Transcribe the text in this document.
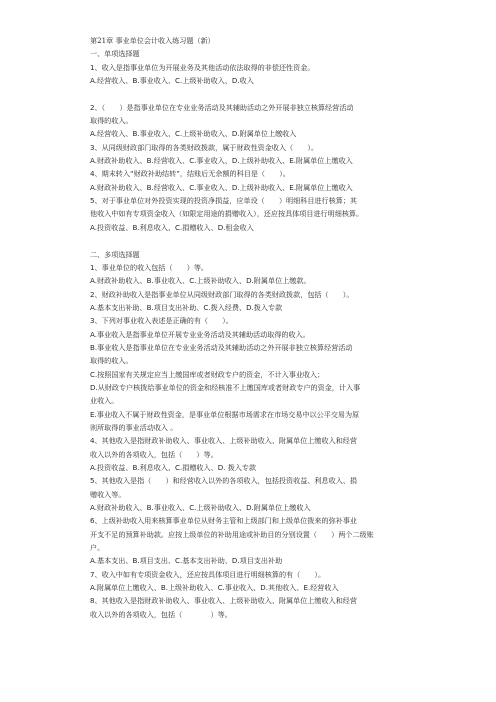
第21章 事业单位会计收入练习题（新）
一、单项选择题
1、收入是指事业单位为开展业务及其他活动依法取得的非偿还性资金。
A.经营收入、B.事业收入、C.上级补助收入、D.收入
2、（　　）是指事业单位在专业业务活动及其辅助活动之外开展非独立核算经营活动
取得的收入。
A.经营收入、B.事业收入、C.上级补助收入、D.附属单位上缴收入
3、从同级财政部门取得的各类财政拨款，属于财政性资金收入（　　）。
A.财政补助收入、B.经营收入、C.事业收入、D.上级补助收入、E.附属单位上缴收入
4、期末转入“财政补助结转”，结账后无余额的科目是（　　）。
A.财政补助收入、B.经营收入、C.事业收入、D.上级补助收入、E.附属单位上缴收入
5、对于事业单位对外投资实现的投资净损益，应单设（　　）明细科目进行核算；其
他收入中如有专项资金收入（如限定用途的捐赠收入），还应按具体项目进行明细核算。
A.投资收益、B.利息收入、C.捐赠收入、D.租金收入
二、多项选择题
1、事业单位的收入包括（　　）等。
A.财政补助收入、B.事业收入、C.上级补助收入、D.附属单位上缴款。
2、财政补助收入是指事业单位从同级财政部门取得的各类财政拨款，包括（　　）。
A.基本支出补助、B.项目支出补助、C.拨入经费、D.拨入专款
3、下列对事业收入表述是正确的有（　　）。
A.事业收入是指事业单位开展专业业务活动及其辅助活动取得的收入。
B.事业收入是指事业单位在专业业务活动及其辅助活动之外开展非独立核算经营活动
取得的收入。
C.按照国家有关规定应当上缴国库或者财政专户的资金，不计入事业收入；
D.从财政专户核拨给事业单位的资金和经核准不上缴国库或者财政专户的资金，计入事
业收入。
E.事业收入不属于财政性资金，是事业单位根据市场需求在市场交易中以公平交易为原
则所取得的事业活动收入 。
4、其他收入是指财政补助收入、事业收入、上级补助收入、附属单位上缴收入和经营
收入以外的各项收入，包括（　　）等。
A.投资收益、B.利息收入、C.捐赠收入、D. 拨入专款
5、其他收入是指（　　）和经营收入以外的各项收入，包括投资收益、利息收入、捐
赠收入等。
A.财政补助收入、B.事业收入、C.上级补助收入、D.附属单位上缴收入
6、上级补助收入用来核算事业单位从财务主管和上级部门和上级单位拨来的弥补事业
开支不足的预算补助款。应按上级单位的补助用途或补助目的分别设置（　　）两个二级账
户。
A.基本支出、B.项目支出、C.基本支出补助、D.项目支出补助
7、收入中如有专项资金收入，还应按具体项目进行明细核算的有（　　）。
A.附属单位上缴收入、B.上级补助收入、C.事业收入、D.其他收入、E.经营收入
8、其他收入是指财政补助收入、事业收入、上级补助收入、附属单位上缴收入和经营
收入以外的各项收入，包括（　　　　）等。
